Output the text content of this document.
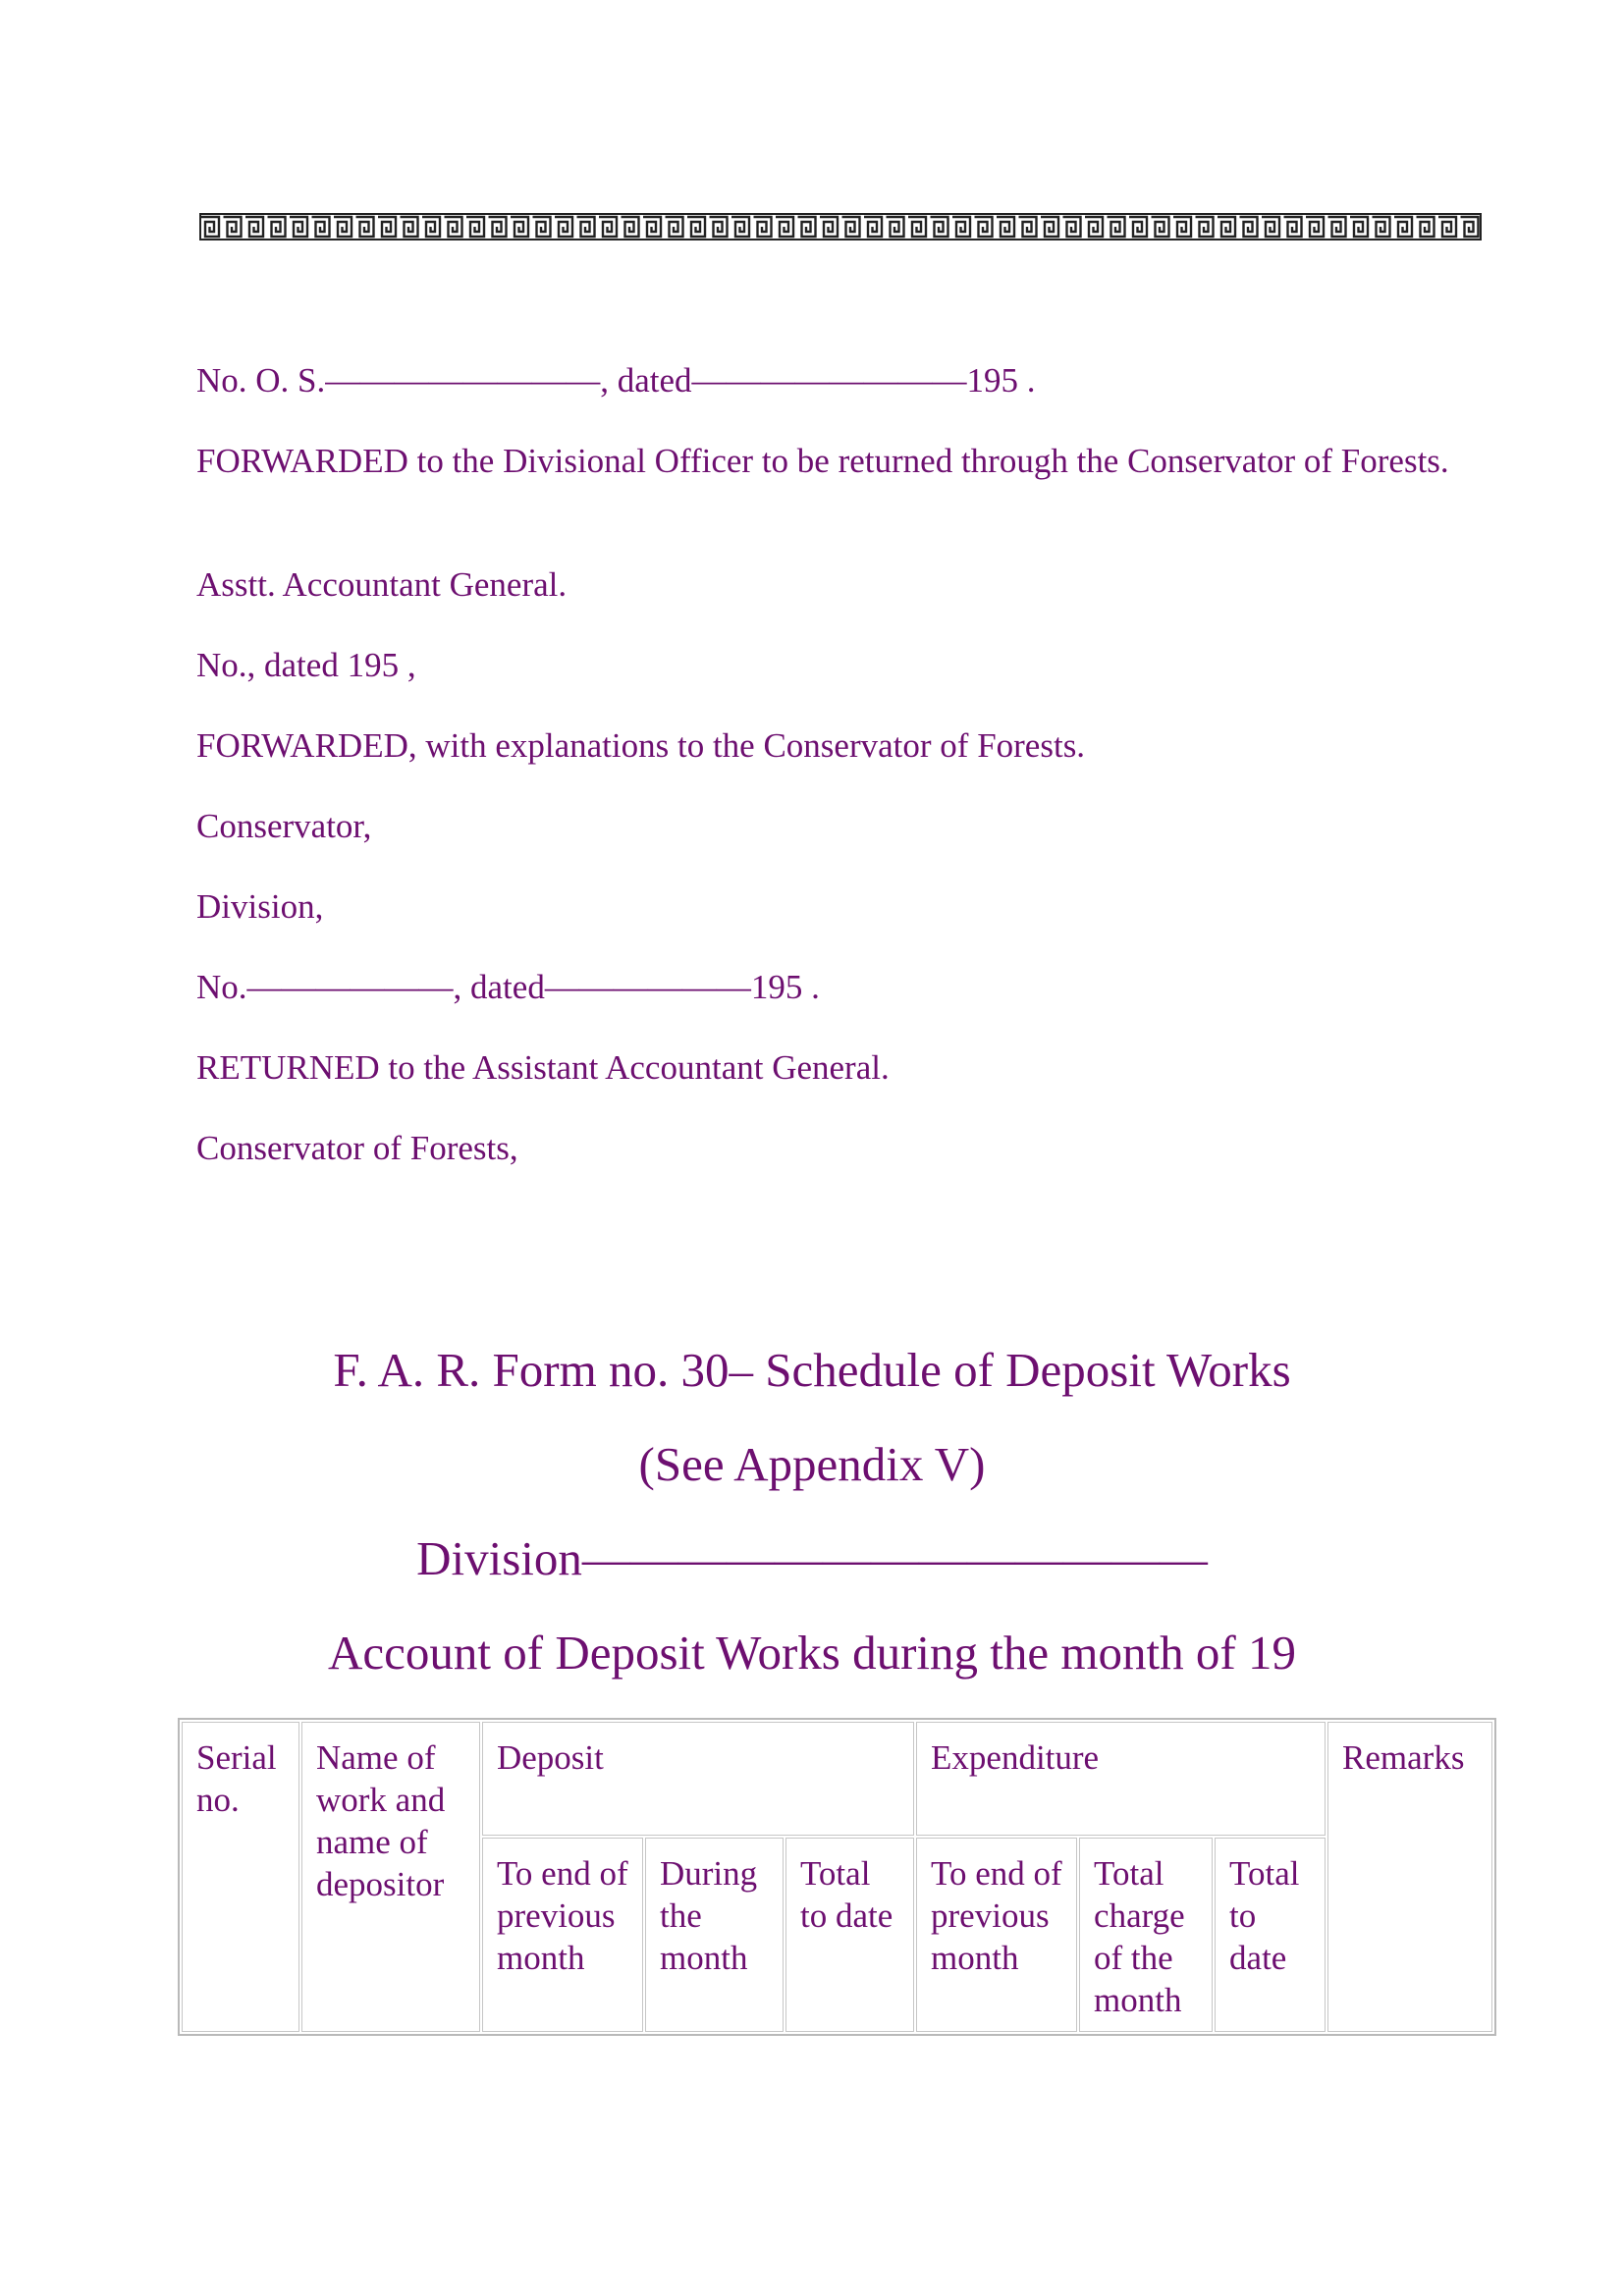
No. O. S.————————, dated————————195 .

FORWARDED to the Divisional Officer to be returned through the Conservator of Forests.

Asstt. Accountant General.

No., dated 195 ,

FORWARDED, with explanations to the Conservator of Forests.

Conservator,

Division,

No.——————, dated——————195 .

RETURNED to the Assistant Accountant General.

Conservator of Forests,

F. A. R. Form no. 30– Schedule of Deposit Works
(See Appendix V)
Division—————————————
Account of Deposit Works during the month of 19
Serial no.	Name of work and name of depositor	Deposit			Expenditure			Remarks
		To end of previous month	During the month	Total to date	To end of previous month	Total charge of the month	Total to date	
